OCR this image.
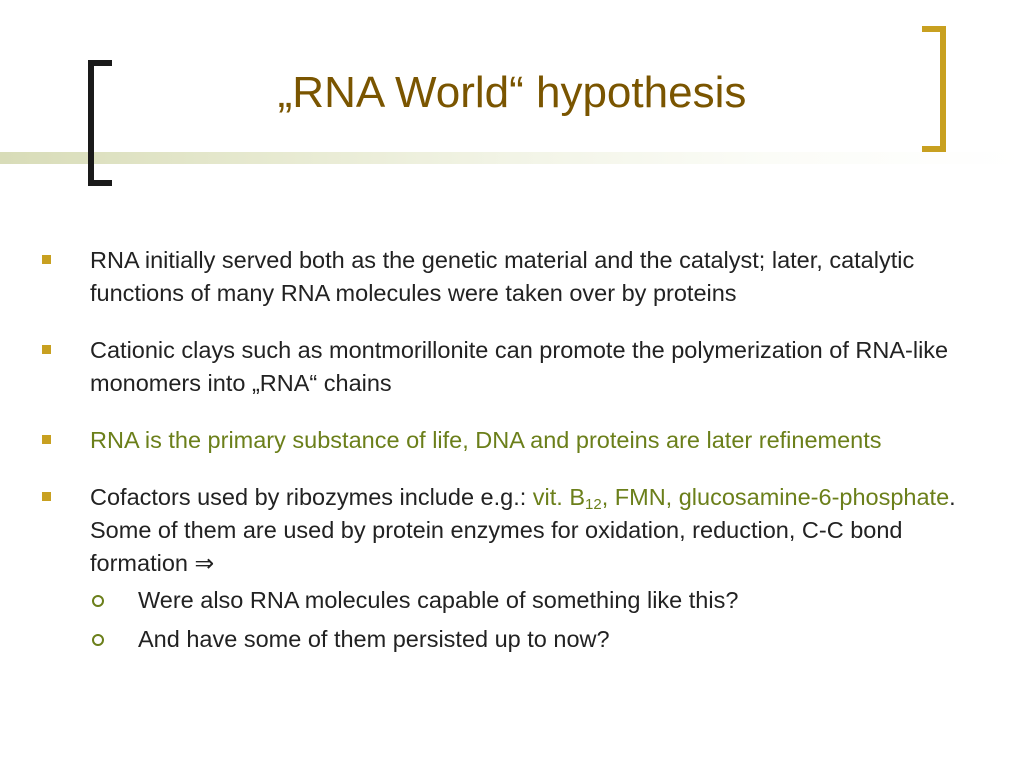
„RNA World“ hypothesis
RNA initially served both as the genetic material and the catalyst; later, catalytic functions of many RNA molecules were taken over by proteins
Cationic clays such as montmorillonite can promote the polymerization of RNA-like monomers into „RNA“ chains
RNA is the primary substance of life, DNA and proteins are later refinements
Cofactors used by ribozymes include e.g.: vit. $B_{12}$, FMN, glucosamine-6-phosphate. Some of them are used by protein enzymes for oxidation, reduction, C-C bond formation ⇒
Were also RNA molecules capable of something like this?
And have some of them persisted up to now?
